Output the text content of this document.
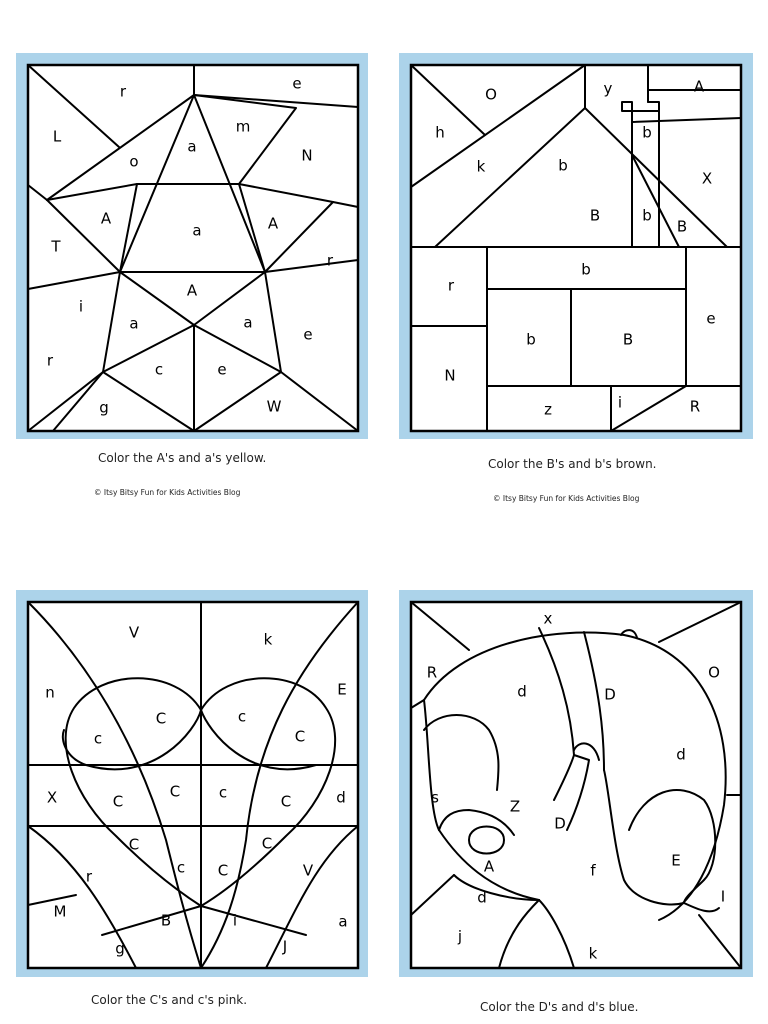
r	e
L
o
a
m
N
A
a	A
T
r
A
i
a	a
e
r	c	e
g	W
Color the A's and a's yellow.
© Itsy Bitsy Fun for Kids Activities Blog
O	y	A
h	b
k	b
X
B	b
B
b
r
e
b	B
N
z	i	R
Color the B's and b's brown.
© Itsy Bitsy Fun for Kids Activities Blog
V	k
n	E
C	c
c	C
X	C
C	c	C	d
C	C
r	c C	V
M	B	i	a
g	J
Color the C's and c's pink.
x
R	O
d	D
d
s	Z
D
A	f
E
d	I
j
k
Color the D's and d's blue.
